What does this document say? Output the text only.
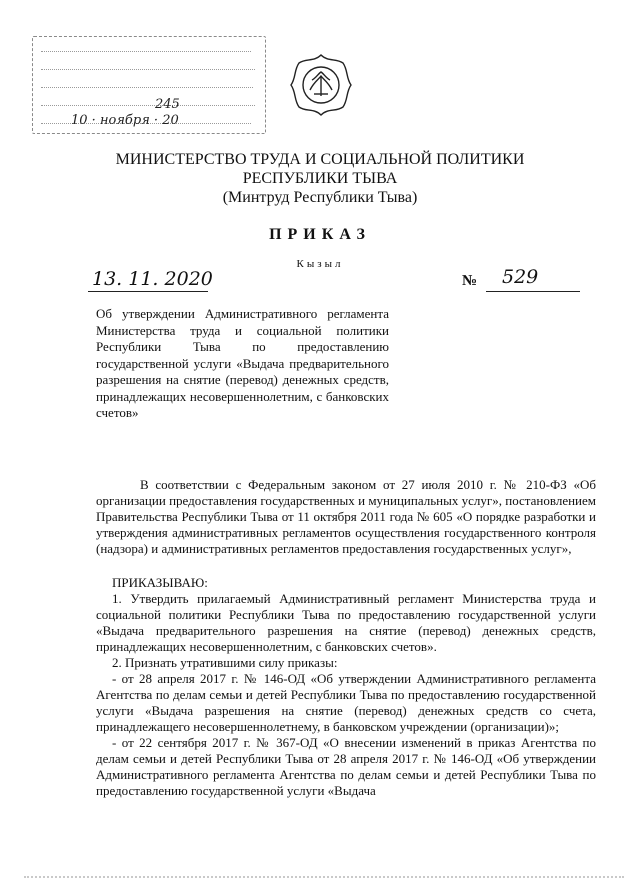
245
10 · ноября · 20
МИНИСТЕРСТВО ТРУДА И СОЦИАЛЬНОЙ ПОЛИТИКИ
РЕСПУБЛИКИ ТЫВА
(Минтруд Республики Тыва)
ПРИКАЗ
Кызыл
13. 11. 2020	№ 529
Об утверждении Административного регламента Министерства труда и социальной политики Республики Тыва по предоставлению государственной услуги «Выдача предварительного разрешения на снятие (перевод) денежных средств, принадлежащих несовершеннолетним, с банковских счетов»

В соответствии с Федеральным законом от 27 июля 2010 г. № 210-ФЗ «Об организации предоставления государственных и муниципальных услуг», постановлением Правительства Республики Тыва от 11 октября 2011 года № 605 «О порядке разработки и утверждения административных регламентов осуществления государственного контроля (надзора) и административных регламентов предоставления государственных услуг»,

ПРИКАЗЫВАЮ:

1. Утвердить прилагаемый Административный регламент Министерства труда и социальной политики Республики Тыва по предоставлению государственной услуги «Выдача предварительного разрешения на снятие (перевод) денежных средств, принадлежащих несовершеннолетним, с банковских счетов».

2. Признать утратившими силу приказы:

- от 28 апреля 2017 г. № 146-ОД «Об утверждении Административного регламента Агентства по делам семьи и детей Республики Тыва по предоставлению государственной услуги «Выдача разрешения на снятие (перевод) денежных средств со счета, принадлежащего несовершеннолетнему, в банковском учреждении (организации)»;

- от 22 сентября 2017 г. № 367-ОД «О внесении изменений в приказ Агентства по делам семьи и детей Республики Тыва от 28 апреля 2017 г. № 146-ОД «Об утверждении Административного регламента Агентства по делам семьи и детей Республики Тыва по предоставлению государственной услуги «Выдача
